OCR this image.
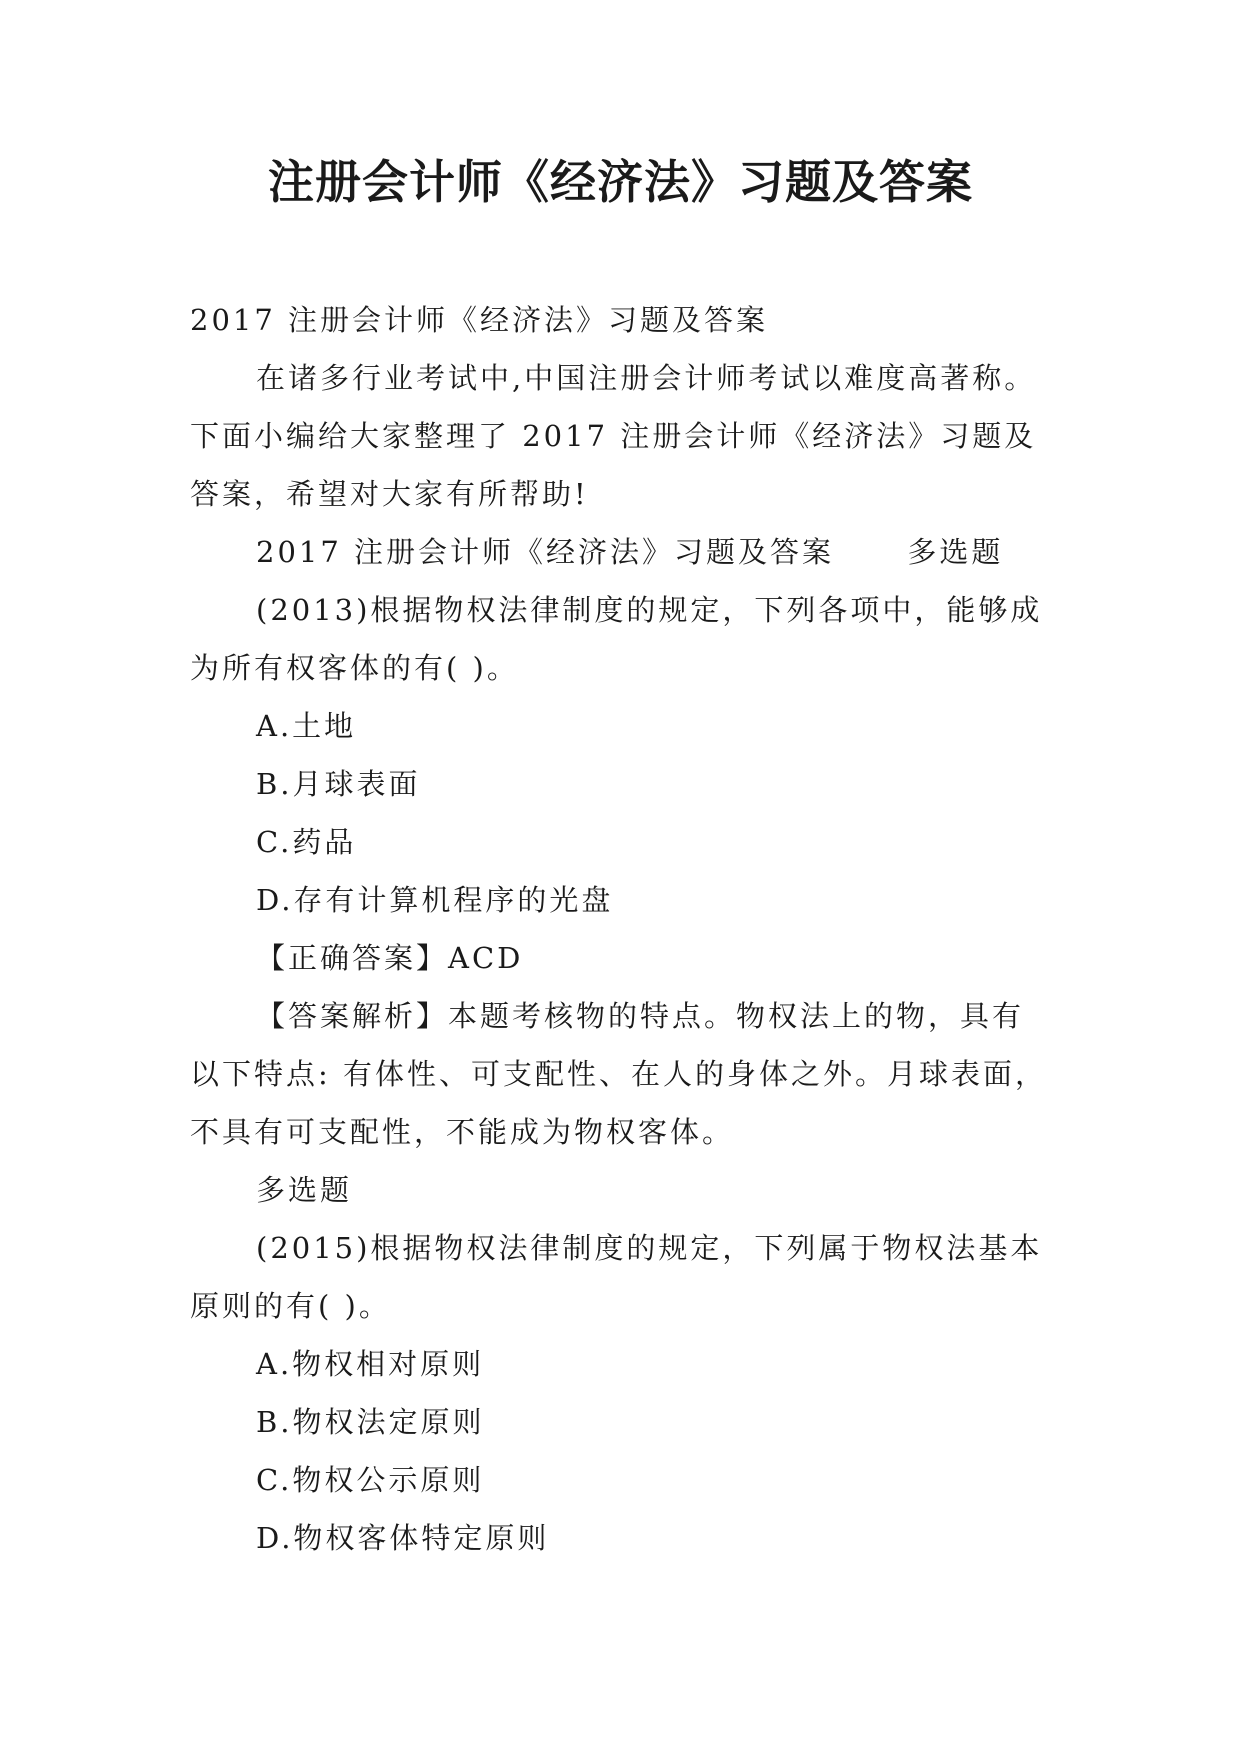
注册会计师《经济法》习题及答案

2017 注册会计师《经济法》习题及答案

在诸多行业考试中,中国注册会计师考试以难度高著称。下面小编给大家整理了 2017 注册会计师《经济法》习题及答案，希望对大家有所帮助!

2017 注册会计师《经济法》习题及答案      多选题

(2013)根据物权法律制度的规定，下列各项中，能够成为所有权客体的有( )。

A.土地

B.月球表面

C.药品

D.存有计算机程序的光盘

【正确答案】ACD

【答案解析】本题考核物的特点。物权法上的物，具有以下特点: 有体性、可支配性、在人的身体之外。月球表面，不具有可支配性，不能成为物权客体。

多选题

(2015)根据物权法律制度的规定，下列属于物权法基本原则的有( )。

A.物权相对原则

B.物权法定原则

C.物权公示原则

D.物权客体特定原则
